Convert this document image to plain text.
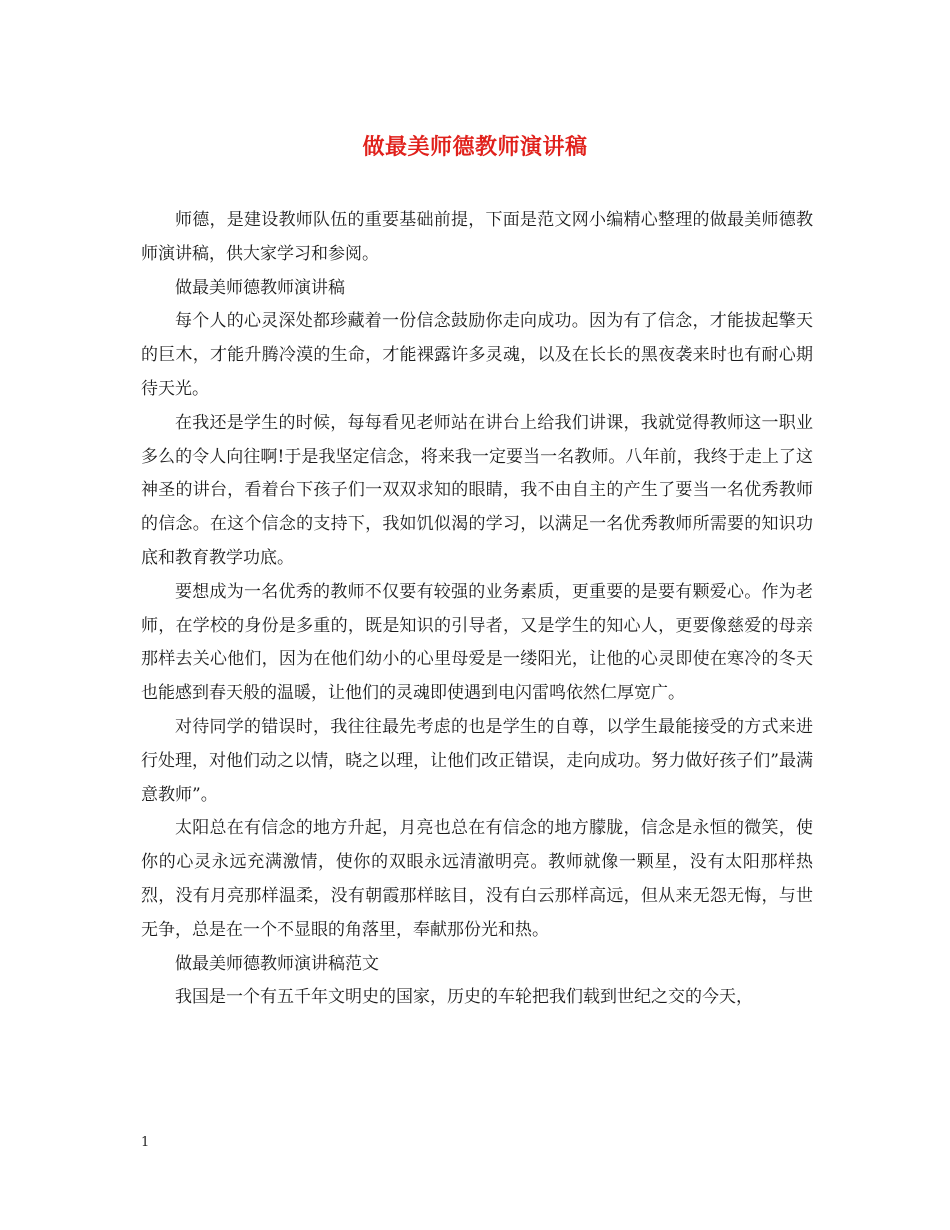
做最美师德教师演讲稿

师德，是建设教师队伍的重要基础前提，下面是范文网小编精心整理的做最美师德教师演讲稿，供大家学习和参阅。

做最美师德教师演讲稿

每个人的心灵深处都珍藏着一份信念鼓励你走向成功。因为有了信念，才能拔起擎天的巨木，才能升腾冷漠的生命，才能裸露许多灵魂，以及在长长的黑夜袭来时也有耐心期待天光。

在我还是学生的时候，每每看见老师站在讲台上给我们讲课，我就觉得教师这一职业多么的令人向往啊!于是我坚定信念，将来我一定要当一名教师。八年前，我终于走上了这神圣的讲台，看着台下孩子们一双双求知的眼睛，我不由自主的产生了要当一名优秀教师的信念。在这个信念的支持下，我如饥似渴的学习，以满足一名优秀教师所需要的知识功底和教育教学功底。

要想成为一名优秀的教师不仅要有较强的业务素质，更重要的是要有颗爱心。作为老师，在学校的身份是多重的，既是知识的引导者，又是学生的知心人，更要像慈爱的母亲那样去关心他们，因为在他们幼小的心里母爱是一缕阳光，让他的心灵即使在寒冷的冬天也能感到春天般的温暖，让他们的灵魂即使遇到电闪雷鸣依然仁厚宽广。

对待同学的错误时，我往往最先考虑的也是学生的自尊，以学生最能接受的方式来进行处理，对他们动之以情，晓之以理，让他们改正错误，走向成功。努力做好孩子们”最满意教师”。

太阳总在有信念的地方升起，月亮也总在有信念的地方朦胧，信念是永恒的微笑，使你的心灵永远充满激情，使你的双眼永远清澈明亮。教师就像一颗星，没有太阳那样热烈，没有月亮那样温柔，没有朝霞那样眩目，没有白云那样高远，但从来无怨无悔，与世无争，总是在一个不显眼的角落里，奉献那份光和热。

做最美师德教师演讲稿范文

我国是一个有五千年文明史的国家，历史的车轮把我们载到世纪之交的今天，

1
